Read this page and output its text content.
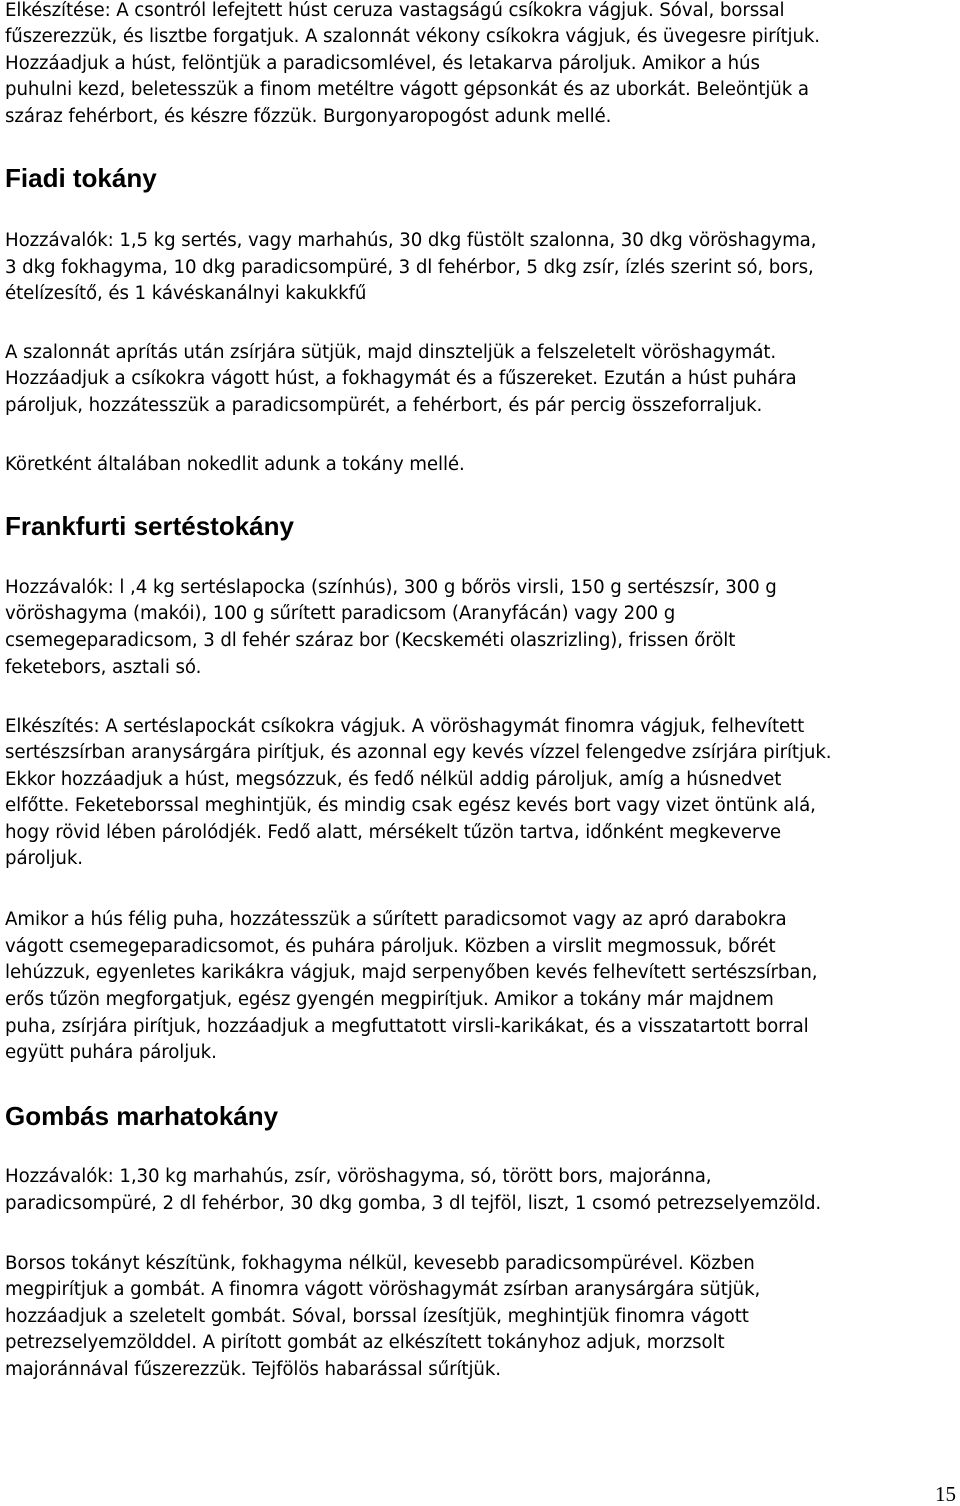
Elkészítése: A csontról lefejtett húst ceruza vastagságú csíkokra vágjuk. Sóval, borssal
fűszerezzük, és lisztbe forgatjuk. A szalonnát vékony csíkokra vágjuk, és üvegesre pirítjuk.
Hozzáadjuk a húst, felöntjük a paradicsomlével, és letakarva pároljuk. Amikor a hús
puhulni kezd, beletesszük a finom metéltre vágott gépsonkát és az uborkát. Beleöntjük a
száraz fehérbort, és készre főzzük. Burgonyaropogóst adunk mellé.
Fiadi tokány
Hozzávalók: 1,5 kg sertés, vagy marhahús, 30 dkg füstölt szalonna, 30 dkg vöröshagyma,
3 dkg fokhagyma, 10 dkg paradicsompüré, 3 dl fehérbor, 5 dkg zsír, ízlés szerint só, bors,
ételízesítő, és 1 kávéskanálnyi kakukkfű
A szalonnát aprítás után zsírjára sütjük, majd dinszteljük a felszeletelt vöröshagymát.
Hozzáadjuk a csíkokra vágott húst, a fokhagymát és a fűszereket. Ezután a húst puhára
pároljuk, hozzátesszük a paradicsompürét, a fehérbort, és pár percig összeforraljuk.
Köretként általában nokedlit adunk a tokány mellé.
Frankfurti sertéstokány
Hozzávalók: l ,4 kg sertéslapocka (színhús), 300 g bőrös virsli, 150 g sertészsír, 300 g
vöröshagyma (makói), 100 g sűrített paradicsom (Aranyfácán) vagy 200 g
csemegeparadicsom, 3 dl fehér száraz bor (Kecskeméti olaszrizling), frissen őrölt
feketebors, asztali só.
Elkészítés: A sertéslapockát csíkokra vágjuk. A vöröshagymát finomra vágjuk, felhevített
sertészsírban aranysárgára pirítjuk, és azonnal egy kevés vízzel felengedve zsírjára pirítjuk.
Ekkor hozzáadjuk a húst, megsózzuk, és fedő nélkül addig pároljuk, amíg a húsnedvet
elfőtte. Feketeborssal meghintjük, és mindig csak egész kevés bort vagy vizet öntünk alá,
hogy rövid lében párolódjék. Fedő alatt, mérsékelt tűzön tartva, időnként megkeverve
pároljuk.
Amikor a hús félig puha, hozzátesszük a sűrített paradicsomot vagy az apró darabokra
vágott csemegeparadicsomot, és puhára pároljuk. Közben a virslit megmossuk, bőrét
lehúzzuk, egyenletes karikákra vágjuk, majd serpenyőben kevés felhevített sertészsírban,
erős tűzön megforgatjuk, egész gyengén megpirítjuk. Amikor a tokány már majdnem
puha, zsírjára pirítjuk, hozzáadjuk a megfuttatott virsli-karikákat, és a visszatartott borral
együtt puhára pároljuk.
Gombás marhatokány
Hozzávalók: 1,30 kg marhahús, zsír, vöröshagyma, só, törött bors, majoránna,
paradicsompüré, 2 dl fehérbor, 30 dkg gomba, 3 dl tejföl, liszt, 1 csomó petrezselyemzöld.
Borsos tokányt készítünk, fokhagyma nélkül, kevesebb paradicsompürével. Közben
megpirítjuk a gombát. A finomra vágott vöröshagymát zsírban aranysárgára sütjük,
hozzáadjuk a szeletelt gombát. Sóval, borssal ízesítjük, meghintjük finomra vágott
petrezselyemzölddel. A pirított gombát az elkészített tokányhoz adjuk, morzsolt
majoránnával fűszerezzük. Tejfölös habarással sűrítjük.
15
